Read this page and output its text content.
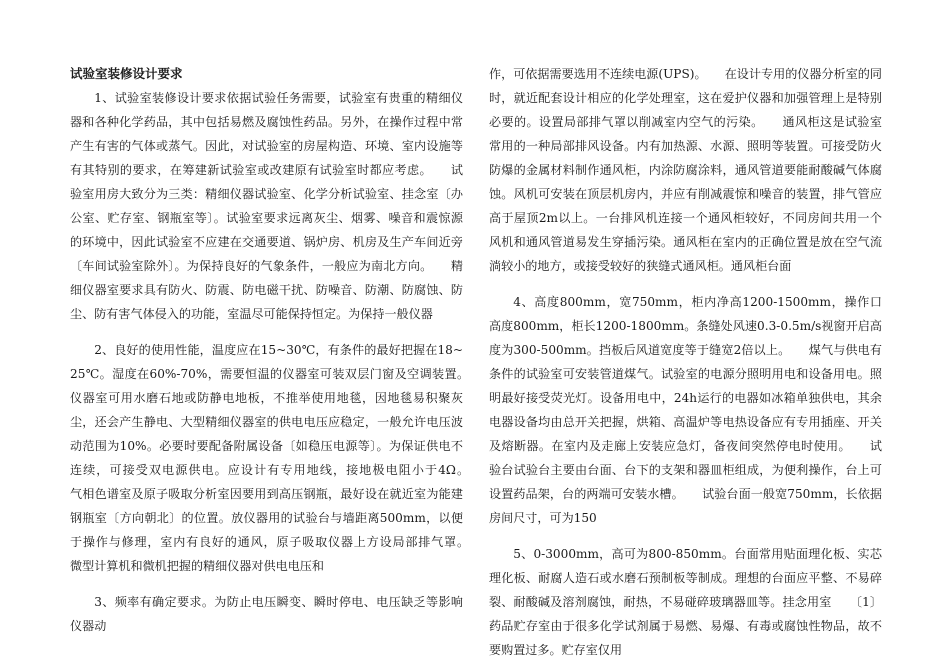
试验室装修设计要求

1、试验室装修设计要求依据试验任务需要，试验室有贵重的精细仪器和各种化学药品，其中包括易燃及腐蚀性药品。另外，在操作过程中常产生有害的气体或蒸气。因此，对试验室的房屋构造、环境、室内设施等有其特别的要求，在筹建新试验室或改建原有试验室时都应考虑。　　试验室用房大致分为三类：精细仪器试验室、化学分析试验室、挂念室〔办公室、贮存室、钢瓶室等〕。试验室要求远离灰尘、烟雾、噪音和震惊源的环境中，因此试验室不应建在交通要道、锅炉房、机房及生产车间近旁〔车间试验室除外〕。为保持良好的气象条件，一般应为南北方向。　　精细仪器室要求具有防火、防震、防电磁干扰、防噪音、防潮、防腐蚀、防尘、防有害气体侵入的功能，室温尽可能保持恒定。为保持一般仪器

2、良好的使用性能，温度应在15~30℃，有条件的最好把握在18~25℃。湿度在60%-70%，需要恒温的仪器室可装双层门窗及空调装置。　　仪器室可用水磨石地或防静电地板，不推举使用地毯，因地毯易积聚灰尘，还会产生静电、大型精细仪器室的供电电压应稳定，一般允许电压波动范围为10%。必要时要配备附属设备〔如稳压电源等〕。为保证供电不连续，可接受双电源供电。应设计有专用地线，接地极电阻小于4Ω。　　气相色谱室及原子吸取分析室因要用到高压钢瓶，最好设在就近室为能建钢瓶室〔方向朝北〕的位置。放仪器用的试验台与墙距离500mm，以便于操作与修理，室内有良好的通风，原子吸取仪器上方设局部排气罩。　　微型计算机和微机把握的精细仪器对供电电压和

3、频率有确定要求。为防止电压瞬变、瞬时停电、电压缺乏等影响仪器动

作，可依据需要选用不连续电源(UPS)。　　在设计专用的仪器分析室的同时，就近配套设计相应的化学处理室，这在爱护仪器和加强管理上是特别必要的。设置局部排气罩以削减室内空气的污染。　　通风柜这是试验室常用的一种局部排风设备。内有加热源、水源、照明等装置。可接受防火防爆的金属材料制作通风柜，内涂防腐涂料，通风管道要能耐酸碱气体腐蚀。风机可安装在顶层机房内，并应有削减震惊和噪音的装置，排气管应高于屋顶2m以上。一台排风机连接一个通风柜较好，不同房间共用一个风机和通风管道易发生穿插污染。通风柜在室内的正确位置是放在空气流淌较小的地方，或接受较好的狭缝式通风柜。通风柜台面

4、高度800mm，宽750mm，柜内净高1200-1500mm，操作口高度800mm，柜长1200-1800mm。条缝处风速0.3-0.5m/s视窗开启高度为300-500mm。挡板后风道宽度等于缝宽2倍以上。　　煤气与供电有条件的试验室可安装管道煤气。试验室的电源分照明用电和设备用电。照明最好接受荧光灯。设备用电中，24h运行的电器如冰箱单独供电，其余电器设备均由总开关把握，烘箱、高温炉等电热设备应有专用插座、开关及熔断器。在室内及走廊上安装应急灯，备夜间突然停电时使用。　　试验台试验台主要由台面、台下的支架和器皿柜组成，为便利操作，台上可设置药品架，台的两端可安装水槽。　　试验台面一般宽750mm，长依据房间尺寸，可为150

5、0-3000mm，高可为800-850mm。台面常用贴面理化板、实芯理化板、耐腐人造石或水磨石预制板等制成。理想的台面应平整、不易碎裂、耐酸碱及溶剂腐蚀，耐热，不易碰碎玻璃器皿等。挂念用室　　〔1〕药品贮存室由于很多化学试剂属于易燃、易爆、有毒或腐蚀性物品，故不要购置过多。贮存室仅用
